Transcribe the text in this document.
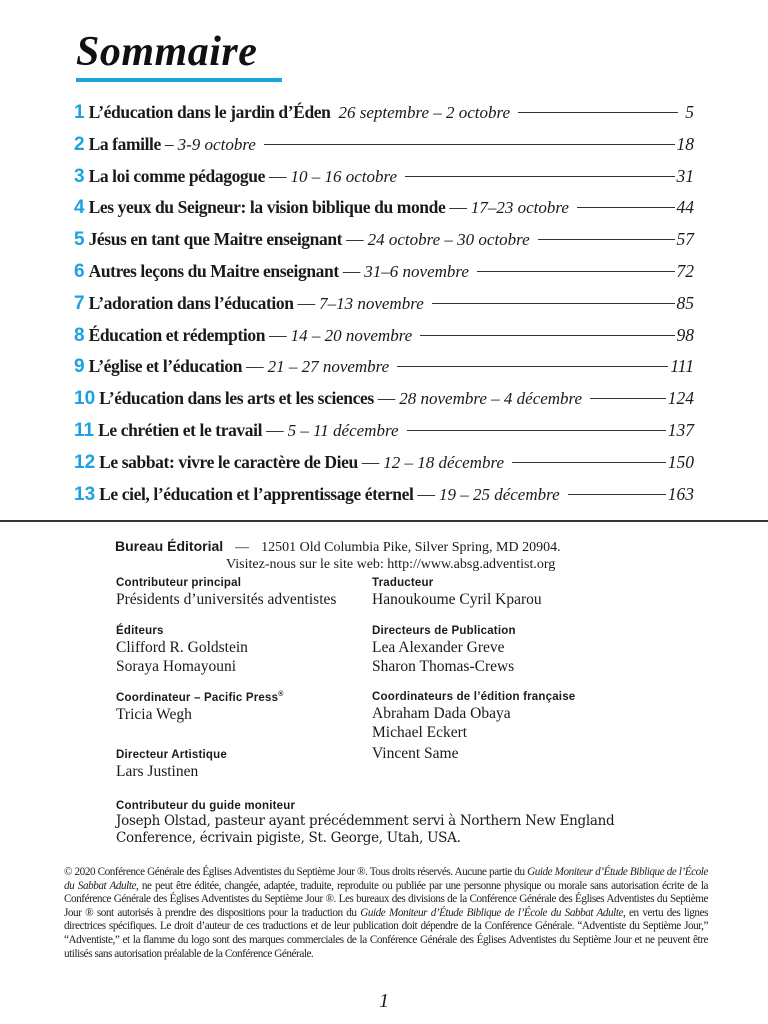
Sommaire
1 L’éducation dans le jardin d’Éden 26 septembre – 2 octobre	5
2 La famille – 3-9 octobre	18
3 La loi comme pédagogue — 10 – 16 octobre	31
4 Les yeux du Seigneur: la vision biblique du monde — 17–23 octobre	44
5 Jésus en tant que Maitre enseignant — 24 octobre – 30 octobre	57
6 Autres leçons du Maitre enseignant — 31–6 novembre	72
7 L’adoration dans l’éducation — 7–13 novembre	85
8 Éducation et rédemption — 14 – 20 novembre	98
9 L’église et l’éducation — 21 – 27 novembre	111
10 L’éducation dans les arts et les sciences — 28 novembre – 4 décembre	124
11 Le chrétien et le travail — 5 – 11 décembre	137
12 Le sabbat: vivre le caractère de Dieu — 12 – 18 décembre	150
13 Le ciel, l’éducation et l’apprentissage éternel — 19 – 25 décembre	163
Bureau Éditorial — 12501 Old Columbia Pike, Silver Spring, MD 20904.
Visitez-nous sur le site web: http://www.absg.adventist.org
Contributeur principal
Présidents d’universités adventistes
Traducteur
Hanoukoume Cyril Kparou
Éditeurs
Clifford R. Goldstein
Soraya Homayouni
Directeurs de Publication
Lea Alexander Greve
Sharon Thomas-Crews
Coordinateur – Pacific Press®
Tricia Wegh
Coordinateurs de l’édition française
Abraham Dada Obaya
Michael Eckert
Vincent Same
Directeur Artistique
Lars Justinen
Contributeur du guide moniteur
Joseph Olstad, pasteur ayant précédemment servi à Northern New England Conference, écrivain pigiste, St. George, Utah, USA.
© 2020 Conférence Générale des Églises Adventistes du Septième Jour ®. Tous droits réservés. Aucune partie du Guide Moniteur d’Étude Biblique de l’École du Sabbat Adulte, ne peut être éditée, changée, adaptée, traduite, reproduite ou publiée par une personne physique ou morale sans autorisation écrite de la Conférence Générale des Églises Adventistes du Septième Jour ®. Les bureaux des divisions de la Conférence Générale des Églises Adventistes du Septième Jour ® sont autorisés à prendre des dispositions pour la traduction du Guide Moniteur d’Étude Biblique de l’École du Sabbat Adulte, en vertu des lignes directrices spécifiques. Le droit d’auteur de ces traductions et de leur publication doit dépendre de la Conférence Générale. “Adventiste du Septième Jour,” “Adventiste,” et la flamme du logo sont des marques commerciales de la Conférence Générale des Églises Adventistes du Septième Jour et ne peuvent être utilisés sans autorisation préalable de la Conférence Générale.
1
